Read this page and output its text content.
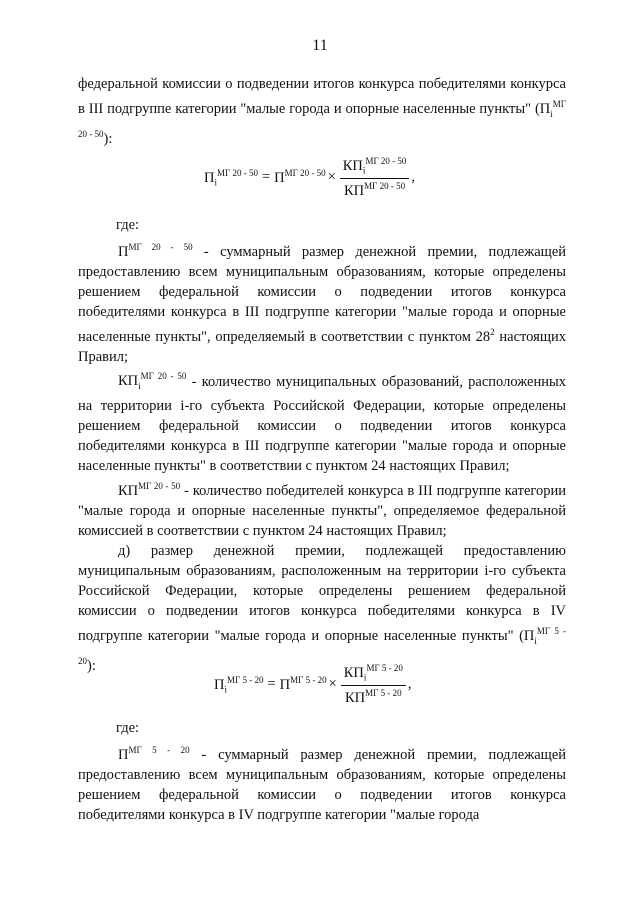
11

федеральной комиссии о подведении итогов конкурса победителями конкурса в III подгруппе категории "малые города и опорные населенные пункты" $(П_i^{МГ 20 - 50})$:

$П_i^{МГ 20 - 50} = П^{МГ 20 - 50} \times \frac{КП_i^{МГ 20 - 50}}{КП^{МГ 20 - 50}}$ ,

где:

$П^{МГ 20 - 50}$ - суммарный размер денежной премии, подлежащей предоставлению всем муниципальным образованиям, которые определены решением федеральной комиссии о подведении итогов конкурса победителями конкурса в III подгруппе категории "малые города и опорные населенные пункты", определяемый в соответствии с пунктом $28^2$ настоящих Правил;

$КП_i^{МГ 20 - 50}$ - количество муниципальных образований, расположенных на территории i-го субъекта Российской Федерации, которые определены решением федеральной комиссии о подведении итогов конкурса победителями конкурса в III подгруппе категории "малые города и опорные населенные пункты" в соответствии с пунктом 24 настоящих Правил;

$КП^{МГ 20 - 50}$ - количество победителей конкурса в III подгруппе категории "малые города и опорные населенные пункты", определяемое федеральной комиссией в соответствии с пунктом 24 настоящих Правил;

д) размер денежной премии, подлежащей предоставлению муниципальным образованиям, расположенным на территории i-го субъекта Российской Федерации, которые определены решением федеральной комиссии о подведении итогов конкурса победителями конкурса в IV подгруппе категории "малые города и опорные населенные пункты" $(П_i^{МГ 5 - 20})$:

$П_i^{МГ 5 - 20} = П^{МГ 5 - 20} \times \frac{КП_i^{МГ 5 - 20}}{КП^{МГ 5 - 20}}$ ,

где:

$П^{МГ 5 - 20}$ - суммарный размер денежной премии, подлежащей предоставлению всем муниципальным образованиям, которые определены решением федеральной комиссии о подведении итогов конкурса победителями конкурса в IV подгруппе категории "малые города
